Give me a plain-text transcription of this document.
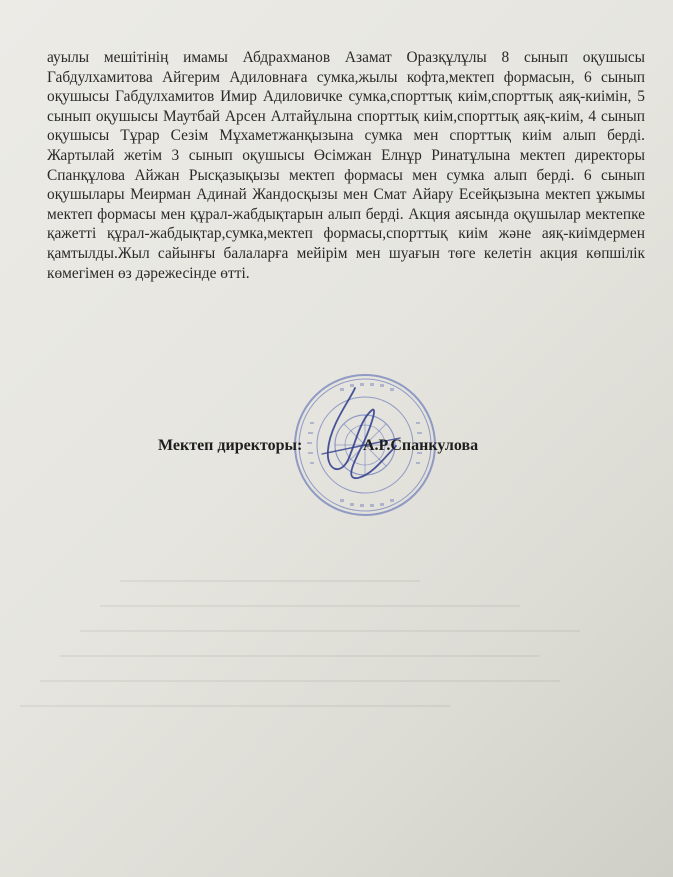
ауылы мешітінің имамы Абдрахманов Азамат Оразқұлұлы 8 сынып оқушысы Габдулхамитова Айгерим Адиловнаға сумка,жылы кофта,мектеп формасын, 6 сынып оқушысы Габдулхамитов Имир Адиловичке сумка,спорттық киім,спорттық аяқ-киімін, 5 сынып оқушысы Маутбай Арсен Алтайұлына спорттық киім,спорттық аяқ-киім, 4 сынып оқушысы Тұрар Сезім Мұхаметжанқызына сумка мен спорттық киім алып берді. Жартылай жетім 3 сынып оқушысы Өсімжан Елнұр Ринатұлына мектеп директоры Спанқұлова Айжан Рысқазықызы мектеп формасы мен сумка алып берді. 6 сынып оқушылары Меирман Адинай Жандосқызы мен Смат Айару Есейқызына мектеп ұжымы мектеп формасы мен құрал-жабдықтарын алып берді. Акция аясында оқушылар мектепке қажетті құрал-жабдықтар,сумка,мектеп формасы,спорттық киім және аяқ-киімдермен қамтылды.Жыл сайынғы балаларға мейірім мен шуағын төге келетін акция көпшілік көмегімен өз дәрежесінде өтті.

Мектеп директоры:	А.Р.Спанкулова
